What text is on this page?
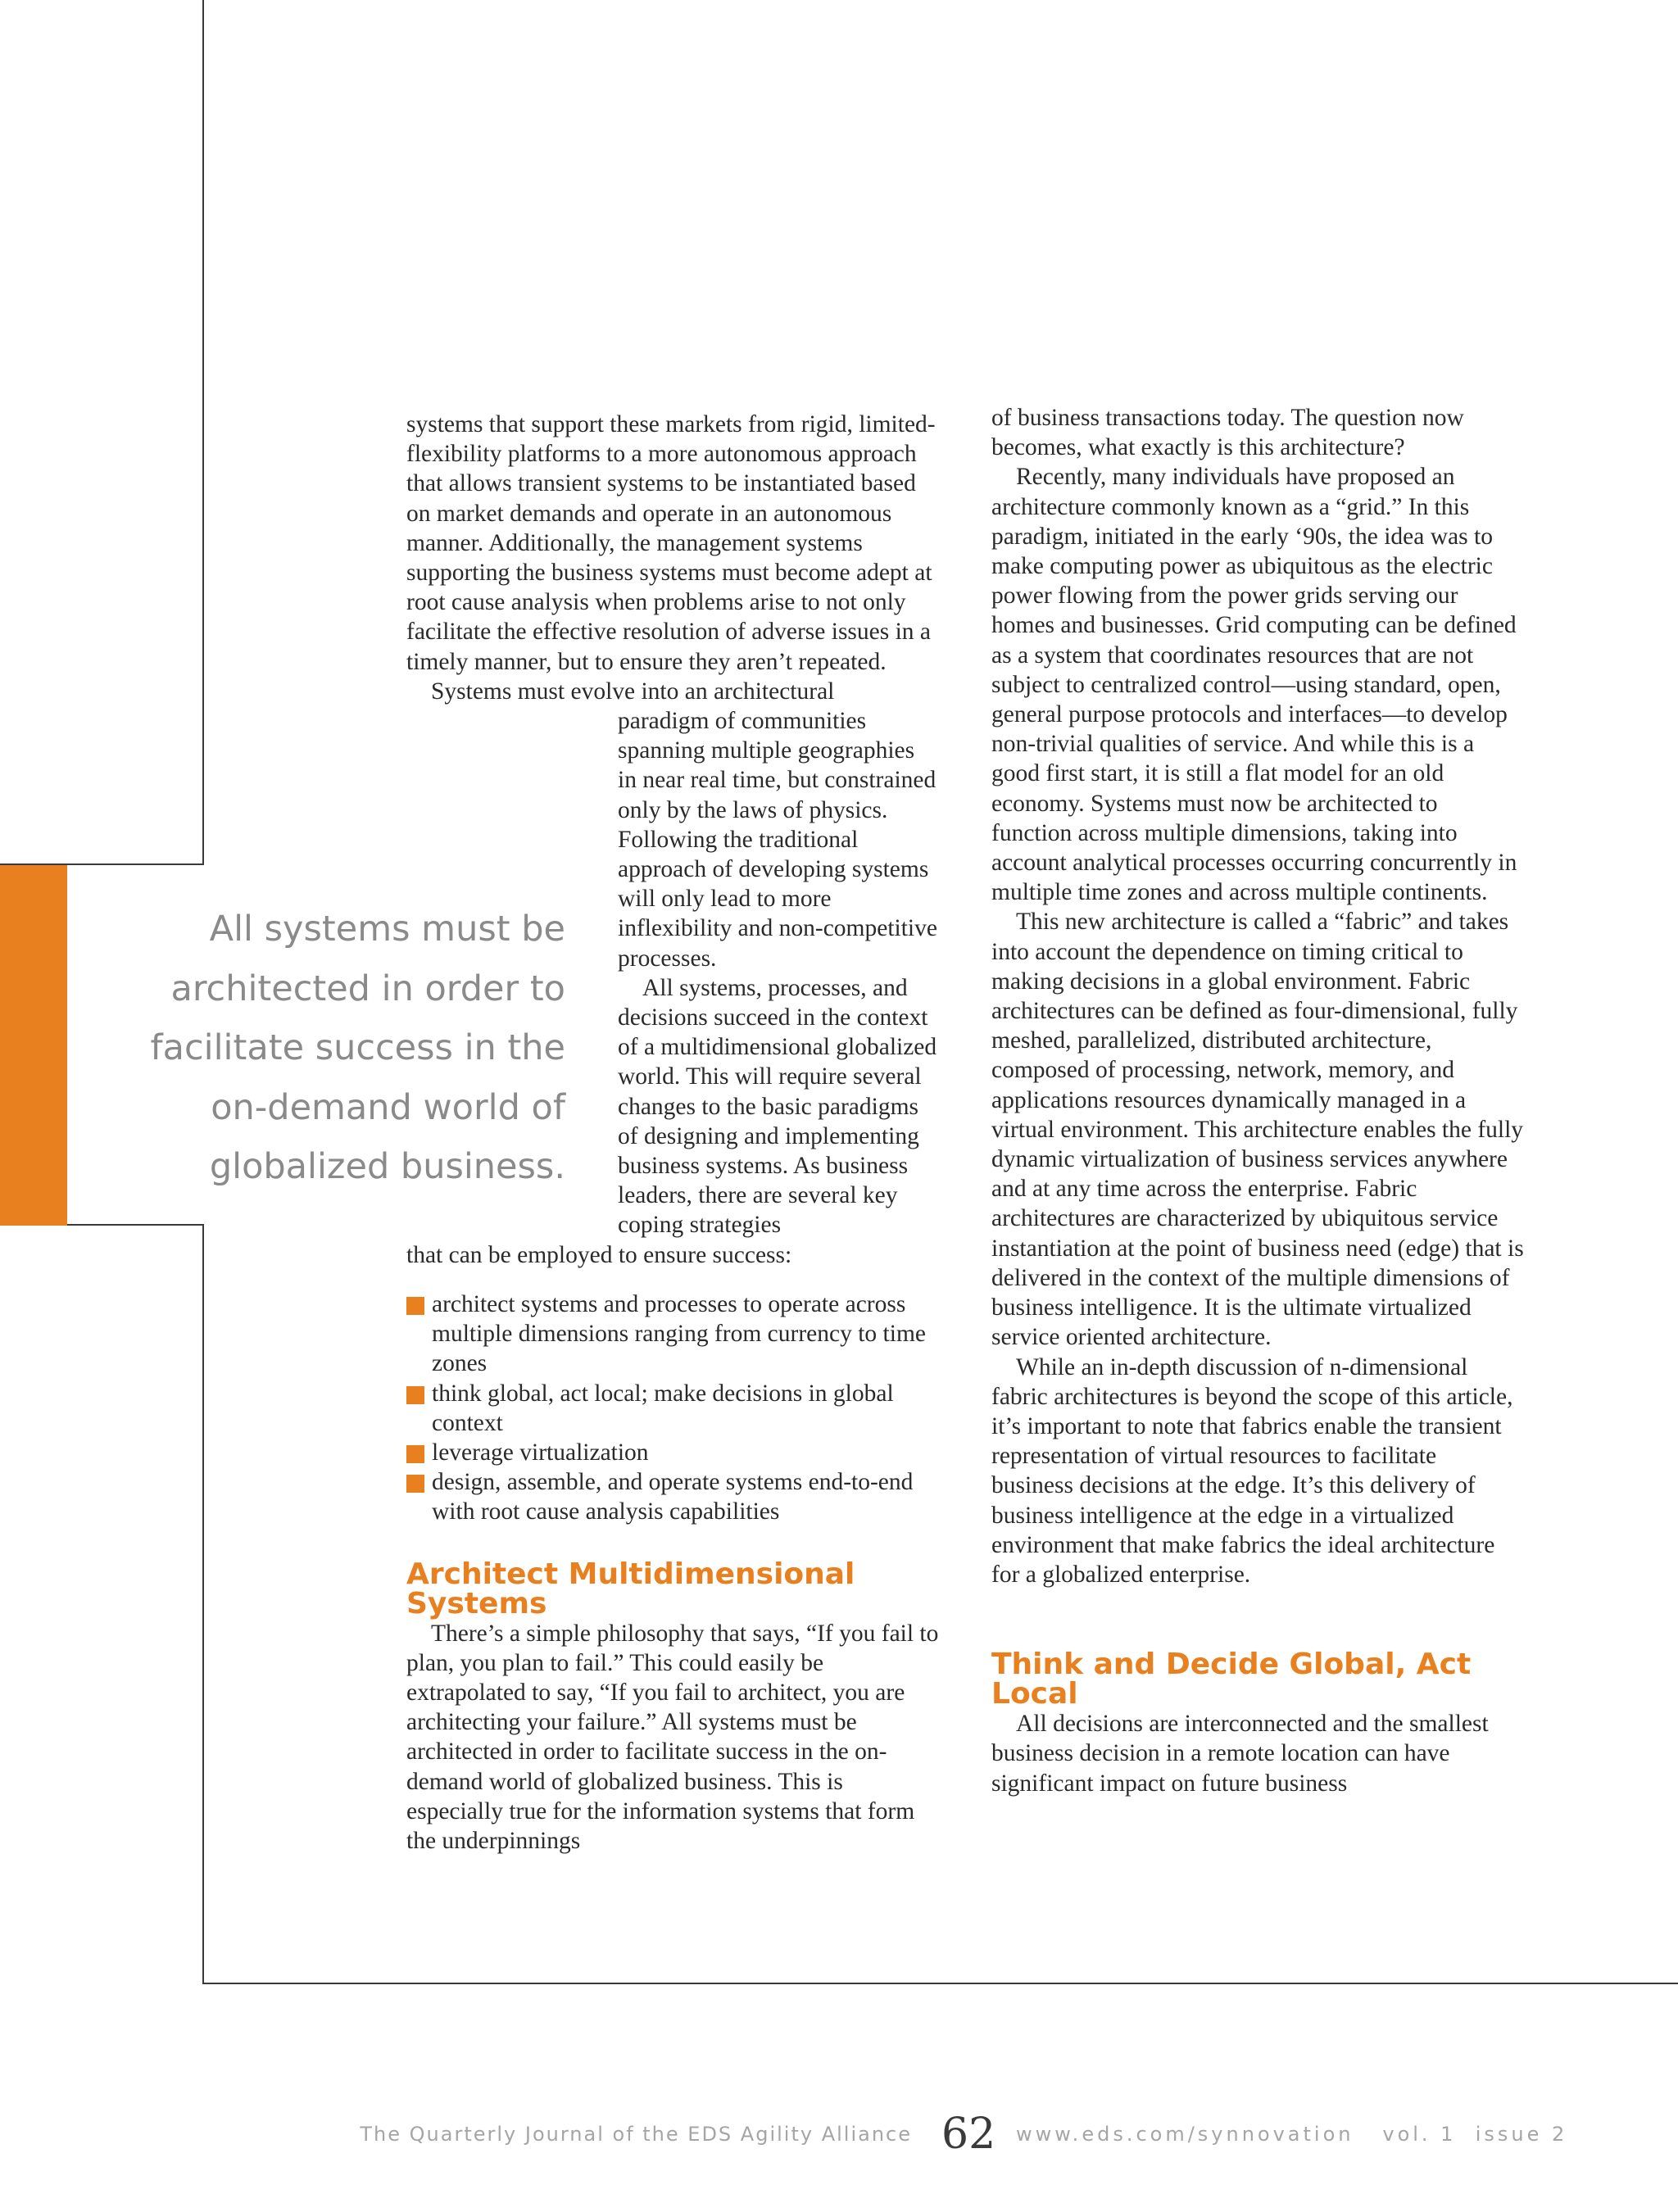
All systems must be
architected in order to
facilitate success in the
on-demand world of
globalized business.

systems that support these markets from rigid, limited-flexibility platforms to a more autonomous approach that allows transient systems to be instantiated based on market demands and operate in an autonomous manner. Additionally, the management systems supporting the business systems must become adept at root cause analysis when problems arise to not only facilitate the effective resolution of adverse issues in a timely manner, but to ensure they aren’t repeated.

Systems must evolve into an architectural

paradigm of communities spanning multiple geographies in near real time, but constrained only by the laws of physics. Following the traditional approach of developing systems will only lead to more inflexibility and non-competitive processes.

All systems, processes, and decisions succeed in the context of a multidimensional globalized world. This will require several changes to the basic paradigms of designing and implementing business systems. As business leaders, there are several key coping strategies

that can be employed to ensure success:

architect systems and processes to operate across multiple dimensions ranging from currency to time zones
think global, act local; make decisions in global context
leverage virtualization
design, assemble, and operate systems end-to-end with root cause analysis capabilities
Architect Multidimensional Systems

There’s a simple philosophy that says, “If you fail to plan, you plan to fail.” This could easily be extrapolated to say, “If you fail to architect, you are architecting your failure.” All systems must be architected in order to facilitate success in the on-demand world of globalized business. This is especially true for the information systems that form the underpinnings

of business transactions today. The question now becomes, what exactly is this architecture?

Recently, many individuals have proposed an architecture commonly known as a “grid.” In this paradigm, initiated in the early ‘90s, the idea was to make computing power as ubiquitous as the electric power flowing from the power grids serving our homes and businesses. Grid computing can be defined as a system that coordinates resources that are not subject to centralized control—using standard, open, general purpose protocols and interfaces—to develop non-trivial qualities of service. And while this is a good first start, it is still a flat model for an old economy. Systems must now be architected to function across multiple dimensions, taking into account analytical processes occurring concurrently in multiple time zones and across multiple continents.

This new architecture is called a “fabric” and takes into account the dependence on timing critical to making decisions in a global environment. Fabric architectures can be defined as four-dimensional, fully meshed, parallelized, distributed architecture, composed of processing, network, memory, and applications resources dynamically managed in a virtual environment. This architecture enables the fully dynamic virtualization of business services anywhere and at any time across the enterprise. Fabric architectures are characterized by ubiquitous service instantiation at the point of business need (edge) that is delivered in the context of the multiple dimensions of business intelligence. It is the ultimate virtualized service oriented architecture.

While an in-depth discussion of n-dimensional fabric architectures is beyond the scope of this article, it’s important to note that fabrics enable the transient representation of virtual resources to facilitate business decisions at the edge. It’s this delivery of business intelligence at the edge in a virtualized environment that make fabrics the ideal architecture for a globalized enterprise.

Think and Decide Global, Act Local

All decisions are interconnected and the smallest business decision in a remote location can have significant impact on future business

The Quarterly Journal of the EDS Agility Alliance 62 www.eds.com/synnovation   vol. 1  issue 2
